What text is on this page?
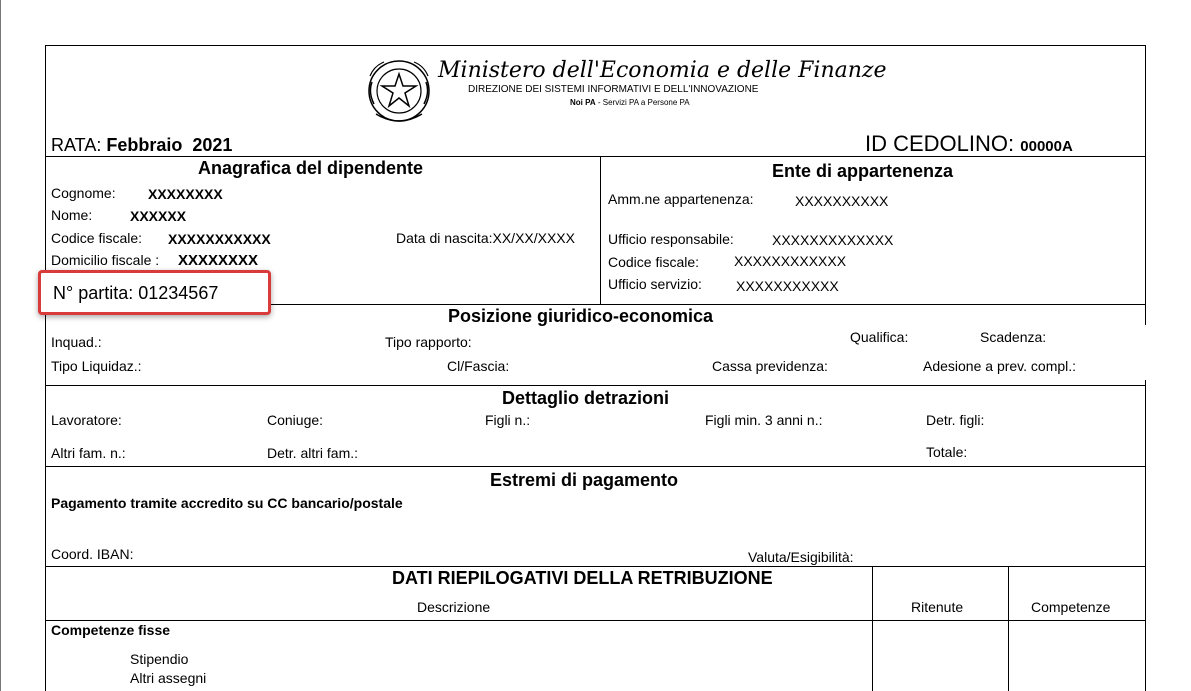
Ministero dell'Economia e delle Finanze
DIREZIONE DEI SISTEMI INFORMATIVI E DELL'INNOVAZIONE
Noi PA - Servizi PA a Persone PA
RATA: Febbraio  2021	ID CEDOLINO: 00000A
Anagrafica del dipendente
Cognome: XXXXXXXX
Nome:	XXXXXX
Codice fiscale: XXXXXXXXXXX	Data di nascita:XX/XX/XXXX
Domicilio fiscale : XXXXXXXX
Ente di appartenenza
Amm.ne appartenenza:	XXXXXXXXXX
Ufficio responsabile:	XXXXXXXXXXXXX
Codice fiscale: XXXXXXXXXXXX
Ufficio servizio: XXXXXXXXXXX
Posizione giuridico-economica
Inquad.:	Tipo rapporto:	Qualifica:	Scadenza:
Tipo Liquidaz.:	Cl/Fascia:	Cassa previdenza:	Adesione a prev. compl.:
Dettaglio detrazioni
Lavoratore:	Coniuge:	Figli n.:	Figli min. 3 anni n.:	Detr. figli:
Altri fam. n.:	Detr. altri fam.:	Totale:
Estremi di pagamento
Pagamento tramite accredito su CC bancario/postale
Coord. IBAN:	Valuta/Esigibilità:
DATI RIEPILOGATIVI DELLA RETRIBUZIONE
Descrizione	Ritenute	Competenze
Competenze fisse
Stipendio
Altri assegni
N° partita: 01234567
